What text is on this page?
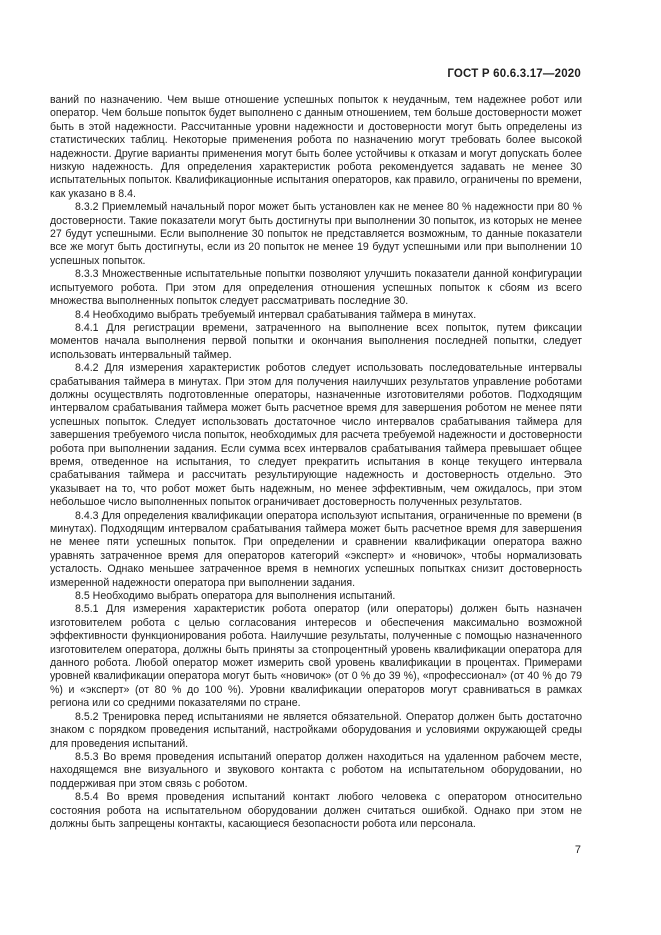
ГОСТ Р 60.6.3.17—2020

ваний по назначению. Чем выше отношение успешных попыток к неудачным, тем надежнее робот или оператор. Чем больше попыток будет выполнено с данным отношением, тем больше достоверности может быть в этой надежности. Рассчитанные уровни надежности и достоверности могут быть определены из статистических таблиц. Некоторые применения робота по назначению могут требовать более высокой надежности. Другие варианты применения могут быть более устойчивы к отказам и могут допускать более низкую надежность. Для определения характеристик робота рекомендуется задавать не менее 30 испытательных попыток. Квалификационные испытания операторов, как правило, ограничены по времени, как указано в 8.4.

8.3.2 Приемлемый начальный порог может быть установлен как не менее 80 % надежности при 80 % достоверности. Такие показатели могут быть достигнуты при выполнении 30 попыток, из которых не менее 27 будут успешными. Если выполнение 30 попыток не представляется возможным, то данные показатели все же могут быть достигнуты, если из 20 попыток не менее 19 будут успешными или при выполнении 10 успешных попыток.

8.3.3 Множественные испытательные попытки позволяют улучшить показатели данной конфигурации испытуемого робота. При этом для определения отношения успешных попыток к сбоям из всего множества выполненных попыток следует рассматривать последние 30.

8.4 Необходимо выбрать требуемый интервал срабатывания таймера в минутах.

8.4.1 Для регистрации времени, затраченного на выполнение всех попыток, путем фиксации моментов начала выполнения первой попытки и окончания выполнения последней попытки, следует использовать интервальный таймер.

8.4.2 Для измерения характеристик роботов следует использовать последовательные интервалы срабатывания таймера в минутах. При этом для получения наилучших результатов управление роботами должны осуществлять подготовленные операторы, назначенные изготовителями роботов. Подходящим интервалом срабатывания таймера может быть расчетное время для завершения роботом не менее пяти успешных попыток. Следует использовать достаточное число интервалов срабатывания таймера для завершения требуемого числа попыток, необходимых для расчета требуемой надежности и достоверности робота при выполнении задания. Если сумма всех интервалов срабатывания таймера превышает общее время, отведенное на испытания, то следует прекратить испытания в конце текущего интервала срабатывания таймера и рассчитать результирующие надежность и достоверность отдельно. Это указывает на то, что робот может быть надежным, но менее эффективным, чем ожидалось, при этом небольшое число выполненных попыток ограничивает достоверность полученных результатов.

8.4.3 Для определения квалификации оператора используют испытания, ограниченные по времени (в минутах). Подходящим интервалом срабатывания таймера может быть расчетное время для завершения не менее пяти успешных попыток. При определении и сравнении квалификации оператора важно уравнять затраченное время для операторов категорий «эксперт» и «новичок», чтобы нормализовать усталость. Однако меньшее затраченное время в немногих успешных попытках снизит достоверность измеренной надежности оператора при выполнении задания.

8.5 Необходимо выбрать оператора для выполнения испытаний.

8.5.1 Для измерения характеристик робота оператор (или операторы) должен быть назначен изготовителем робота с целью согласования интересов и обеспечения максимально возможной эффективности функционирования робота. Наилучшие результаты, полученные с помощью назначенного изготовителем оператора, должны быть приняты за стопроцентный уровень квалификации оператора для данного робота. Любой оператор может измерить свой уровень квалификации в процентах. Примерами уровней квалификации оператора могут быть «новичок» (от 0 % до 39 %), «профессионал» (от 40 % до 79 %) и «эксперт» (от 80 % до 100 %). Уровни квалификации операторов могут сравниваться в рамках региона или со средними показателями по стране.

8.5.2 Тренировка перед испытаниями не является обязательной. Оператор должен быть достаточно знаком с порядком проведения испытаний, настройками оборудования и условиями окружающей среды для проведения испытаний.

8.5.3 Во время проведения испытаний оператор должен находиться на удаленном рабочем месте, находящемся вне визуального и звукового контакта с роботом на испытательном оборудовании, но поддерживая при этом связь с роботом.

8.5.4 Во время проведения испытаний контакт любого человека с оператором относительно состояния робота на испытательном оборудовании должен считаться ошибкой. Однако при этом не должны быть запрещены контакты, касающиеся безопасности робота или персонала.

7
